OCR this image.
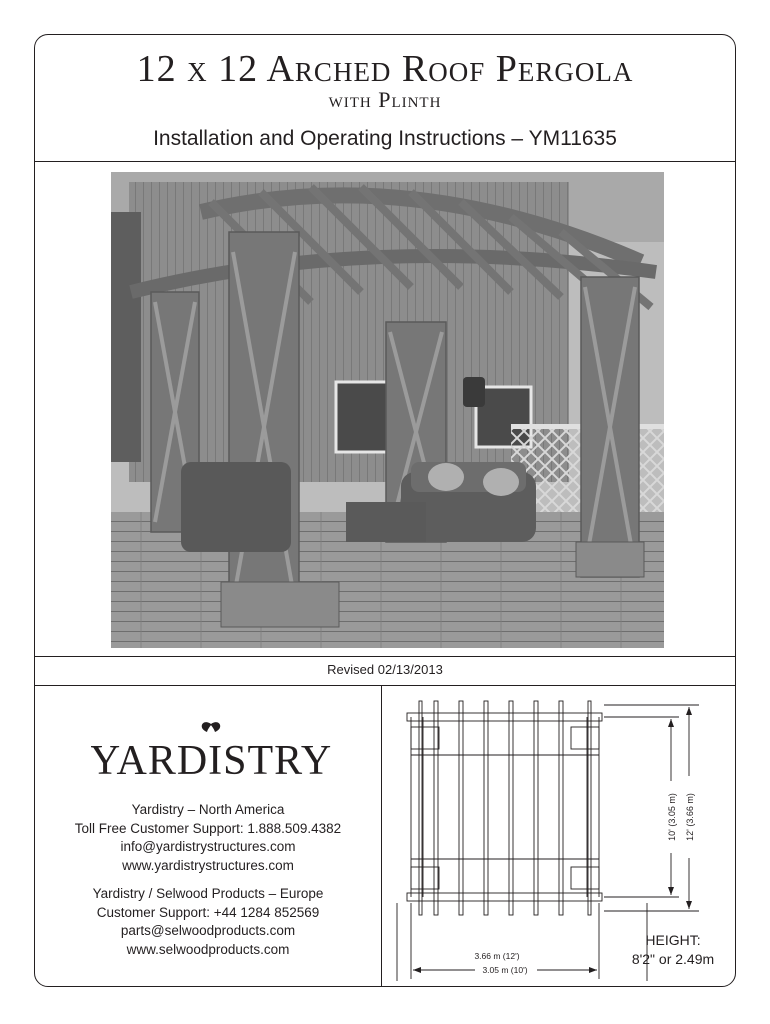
12 x 12 Arched Roof Pergola
with Plinth
Installation and Operating Instructions – YM11635
Revised 02/13/2013
YARDISTRY
Yardistry – North America
Toll Free Customer Support: 1.888.509.4382
info@yardistrystructures.com
www.yardistrystructures.com
Yardistry / Selwood Products – Europe
Customer Support: +44 1284 852569
parts@selwoodproducts.com
www.selwoodproducts.com
10' (3.05 m) 12' (3.66 m)
3.05 m (10')
HEIGHT:
8'2" or 2.49m
3.66 m (12')
